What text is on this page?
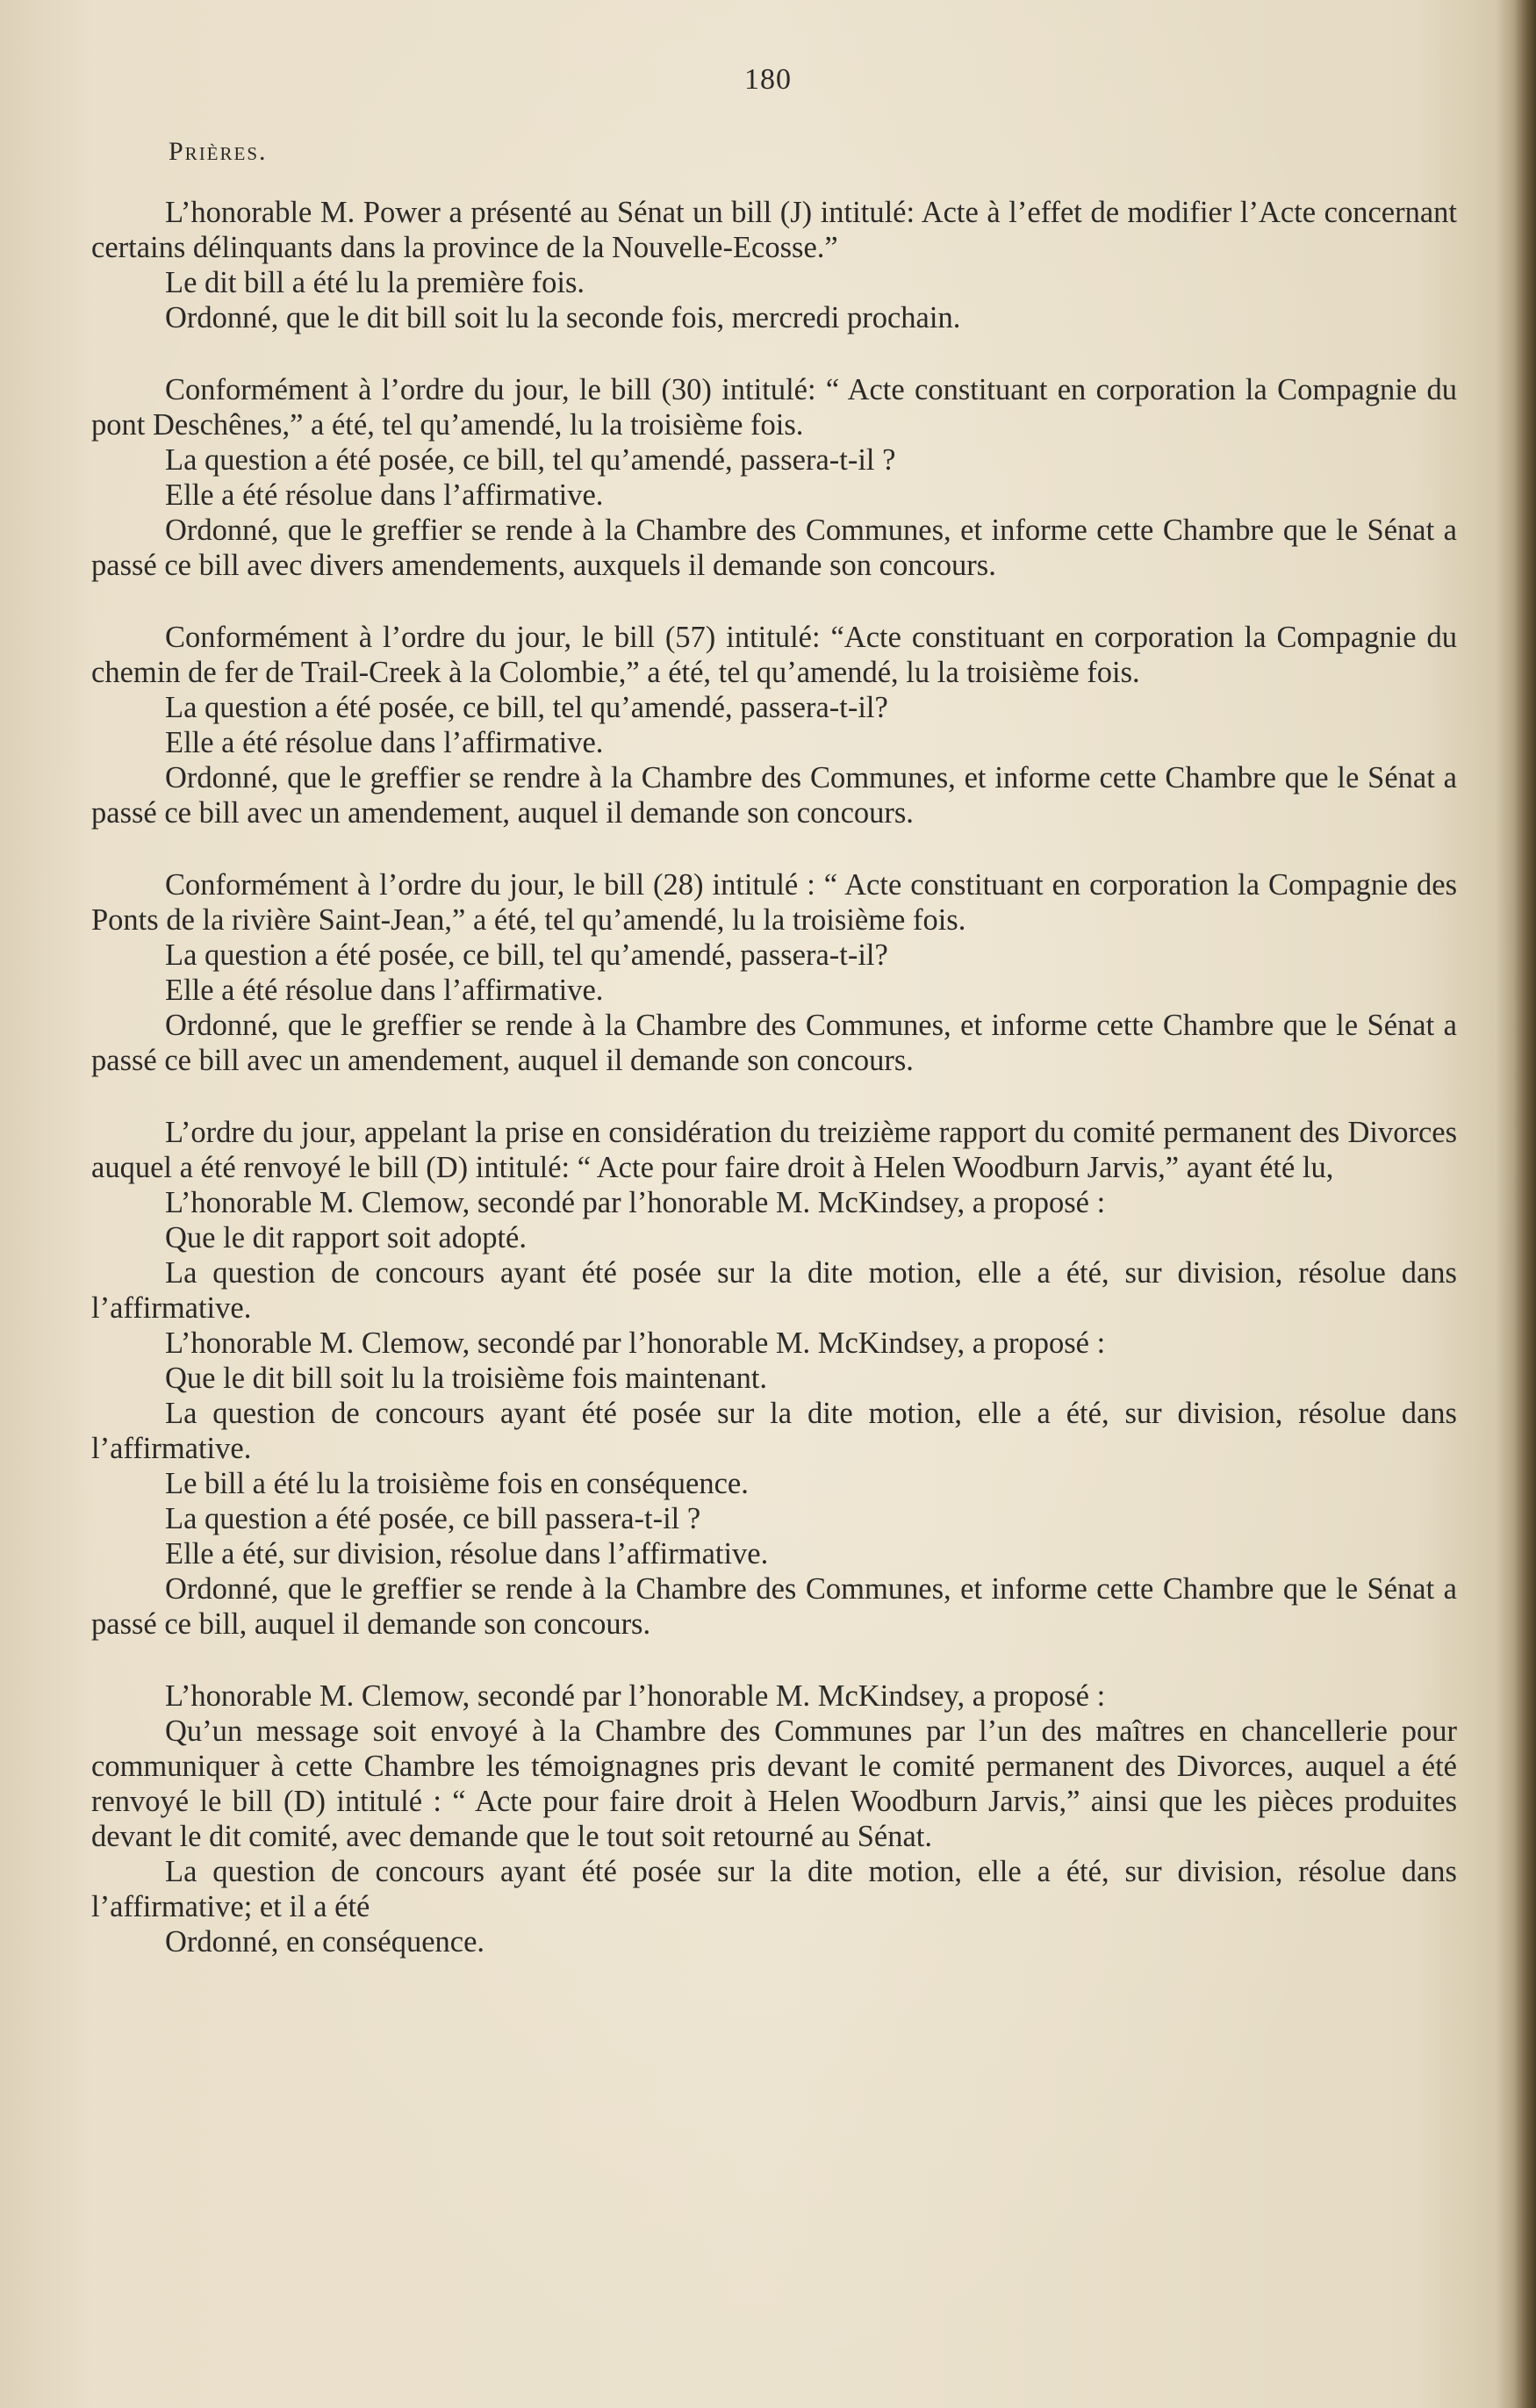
180
Prières.

L’honorable M. Power a présenté au Sénat un bill (J) intitulé: Acte à l’effet de modifier l’Acte concernant certains délinquants dans la province de la Nouvelle-Ecosse.”

Le dit bill a été lu la première fois.

Ordonné, que le dit bill soit lu la seconde fois, mercredi prochain.

Conformément à l’ordre du jour, le bill (30) intitulé: “ Acte constituant en corporation la Compagnie du pont Deschênes,” a été, tel qu’amendé, lu la troisième fois.

La question a été posée, ce bill, tel qu’amendé, passera-t-il ?

Elle a été résolue dans l’affirmative.

Ordonné, que le greffier se rende à la Chambre des Communes, et informe cette Chambre que le Sénat a passé ce bill avec divers amendements, auxquels il demande son concours.

Conformément à l’ordre du jour, le bill (57) intitulé: “Acte constituant en corporation la Compagnie du chemin de fer de Trail-Creek à la Colombie,” a été, tel qu’amendé, lu la troisième fois.

La question a été posée, ce bill, tel qu’amendé, passera-t-il?

Elle a été résolue dans l’affirmative.

Ordonné, que le greffier se rendre à la Chambre des Communes, et informe cette Chambre que le Sénat a passé ce bill avec un amendement, auquel il demande son concours.

Conformément à l’ordre du jour, le bill (28) intitulé : “ Acte constituant en corporation la Compagnie des Ponts de la rivière Saint-Jean,” a été, tel qu’amendé, lu la troisième fois.

La question a été posée, ce bill, tel qu’amendé, passera-t-il?

Elle a été résolue dans l’affirmative.

Ordonné, que le greffier se rende à la Chambre des Communes, et informe cette Chambre que le Sénat a passé ce bill avec un amendement, auquel il demande son concours.

L’ordre du jour, appelant la prise en considération du treizième rapport du comité permanent des Divorces auquel a été renvoyé le bill (D) intitulé: “ Acte pour faire droit à Helen Woodburn Jarvis,” ayant été lu,

L’honorable M. Clemow, secondé par l’honorable M. McKindsey, a proposé :

Que le dit rapport soit adopté.

La question de concours ayant été posée sur la dite motion, elle a été, sur division, résolue dans l’affirmative.

L’honorable M. Clemow, secondé par l’honorable M. McKindsey, a proposé :

Que le dit bill soit lu la troisième fois maintenant.

La question de concours ayant été posée sur la dite motion, elle a été, sur division, résolue dans l’affirmative.

Le bill a été lu la troisième fois en conséquence.

La question a été posée, ce bill passera-t-il ?

Elle a été, sur division, résolue dans l’affirmative.

Ordonné, que le greffier se rende à la Chambre des Communes, et informe cette Chambre que le Sénat a passé ce bill, auquel il demande son concours.

L’honorable M. Clemow, secondé par l’honorable M. McKindsey, a proposé :

Qu’un message soit envoyé à la Chambre des Communes par l’un des maîtres en chancellerie pour communiquer à cette Chambre les témoignagnes pris devant le comité permanent des Divorces, auquel a été renvoyé le bill (D) intitulé : “ Acte pour faire droit à Helen Woodburn Jarvis,” ainsi que les pièces produites devant le dit comité, avec demande que le tout soit retourné au Sénat.

La question de concours ayant été posée sur la dite motion, elle a été, sur division, résolue dans l’affirmative; et il a été

Ordonné, en conséquence.
